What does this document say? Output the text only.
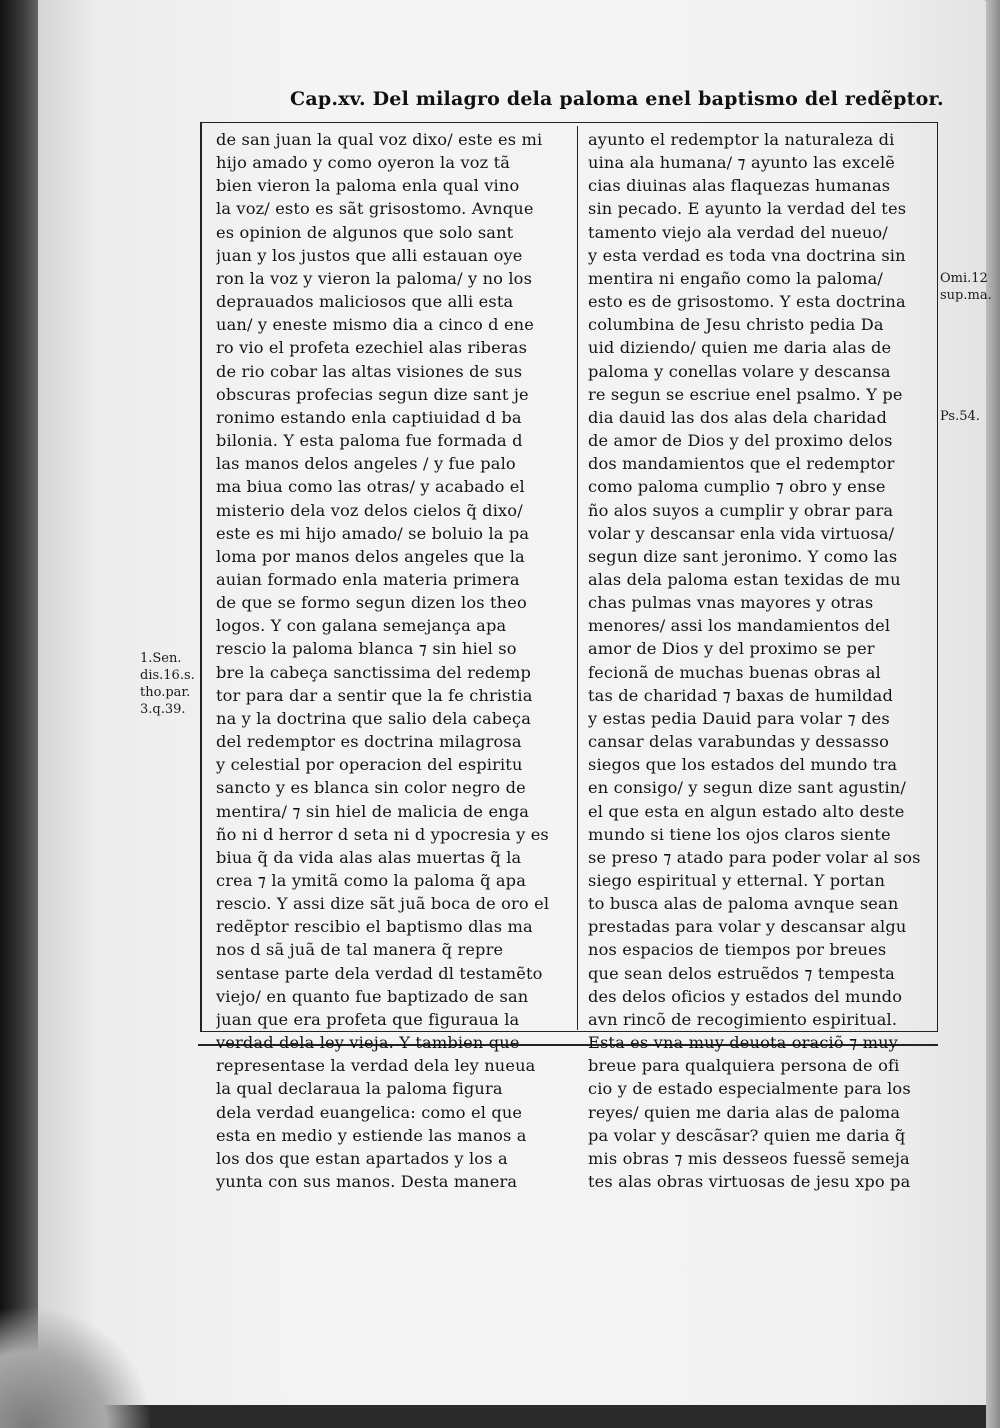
Cap.xv. Del milagro dela paloma enel baptismo del redẽptor.
de san juan la qual voz dixo/ este es mi
hijo amado y como oyeron la voz tã
bien vieron la paloma enla qual vino
la voz/ esto es sãt grisostomo. Avnque
es opinion de algunos que solo sant
juan y los justos que alli estauan oye
ron la voz y vieron la paloma/ y no los
deprauados maliciosos que alli esta
uan/ y eneste mismo dia a cinco d ene
ro vio el profeta ezechiel alas riberas
de rio cobar las altas visiones de sus
obscuras profecias segun dize sant je
ronimo estando enla captiuidad d ba
bilonia. Y esta paloma fue formada d
las manos delos angeles / y fue palo
ma biua como las otras/ y acabado el
misterio dela voz delos cielos q̃ dixo/
este es mi hijo amado/ se boluio la pa
loma por manos delos angeles que la
auian formado enla materia primera
de que se formo segun dizen los theo
logos. Y con galana semejança apa
rescio la paloma blanca ⁊ sin hiel so
bre la cabeça sanctissima del redemp
tor para dar a sentir que la fe christia
na y la doctrina que salio dela cabeça
del redemptor es doctrina milagrosa
y celestial por operacion del espiritu
sancto y es blanca sin color negro de
mentira/ ⁊ sin hiel de malicia de enga
ño ni d herror d seta ni d ypocresia y es
biua q̃ da vida alas alas muertas q̃ la
crea ⁊ la ymitã como la paloma q̃ apa
rescio. Y assi dize sãt juã boca de oro el
redẽptor rescibio el baptismo dlas ma
nos d sã juã de tal manera q̃ repre
sentase parte dela verdad dl testamẽto
viejo/ en quanto fue baptizado de san
juan que era profeta que figuraua la
verdad dela ley vieja. Y tambien que
representase la verdad dela ley nueua
la qual declaraua la paloma figura
dela verdad euangelica: como el que
esta en medio y estiende las manos a
los dos que estan apartados y los a
yunta con sus manos. Desta manera
ayunto el redemptor la naturaleza di
uina ala humana/ ⁊ ayunto las excelẽ
cias diuinas alas flaquezas humanas
sin pecado. E ayunto la verdad del tes
tamento viejo ala verdad del nueuo/
y esta verdad es toda vna doctrina sin
mentira ni engaño como la paloma/
esto es de grisostomo. Y esta doctrina
columbina de Jesu christo pedia Da
uid diziendo/ quien me daria alas de
paloma y conellas volare y descansa
re segun se escriue enel psalmo. Y pe
dia dauid las dos alas dela charidad
de amor de Dios y del proximo delos
dos mandamientos que el redemptor
como paloma cumplio ⁊ obro y ense
ño alos suyos a cumplir y obrar para
volar y descansar enla vida virtuosa/
segun dize sant jeronimo. Y como las
alas dela paloma estan texidas de mu
chas pulmas vnas mayores y otras
menores/ assi los mandamientos del
amor de Dios y del proximo se per
fecionã de muchas buenas obras al
tas de charidad ⁊ baxas de humildad
y estas pedia Dauid para volar ⁊ des
cansar delas varabundas y dessasso
siegos que los estados del mundo tra
en consigo/ y segun dize sant agustin/
el que esta en algun estado alto deste
mundo si tiene los ojos claros siente
se preso ⁊ atado para poder volar al sos
siego espiritual y etternal. Y portan
to busca alas de paloma avnque sean
prestadas para volar y descansar algu
nos espacios de tiempos por breues
que sean delos estruẽdos ⁊ tempesta
des delos oficios y estados del mundo
avn rincõ de recogimiento espiritual.
Esta es vna muy deuota oraciõ ⁊ muy
breue para qualquiera persona de ofi
cio y de estado especialmente para los
reyes/ quien me daria alas de paloma
pa volar y descãsar? quien me daria q̃
mis obras ⁊ mis desseos fuessẽ semeja
tes alas obras virtuosas de jesu xpo pa
Omi.12
sup.ma.
Ps.54.
1.Sen.
dis.16.s.
tho.par.
3.q.39.
